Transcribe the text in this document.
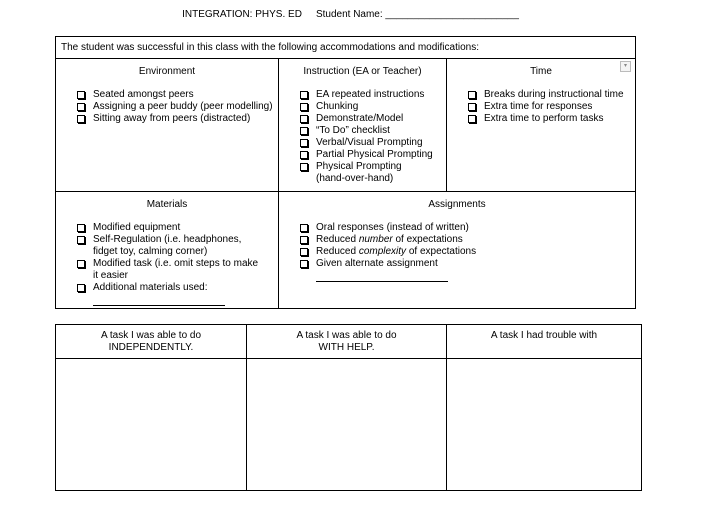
INTEGRATION: PHYS. ED Student Name: ________________________
The student was successful in this class with the following accommodations and modifications:
▾
Environment
Seated amongst peers
Assigning a peer buddy (peer modelling)
Sitting away from peers (distracted)
Instruction (EA or Teacher)
EA repeated instructions
Chunking
Demonstrate/Model
“To Do” checklist
Verbal/Visual Prompting
Partial Physical Prompting
Physical Prompting (hand-over-hand)
Time
Breaks during instructional time
Extra time for responses
Extra time to perform tasks
Materials
Modified equipment
Self-Regulation (i.e. headphones, fidget toy, calming corner)
Modified task (i.e. omit steps to make it easier
Additional materials used:

Assignments
Oral responses (instead of written)
Reduced number of expectations
Reduced complexity of expectations
Given alternate assignment

A task I was able to do
INDEPENDENTLY.
A task I was able to do
WITH HELP.
A task I had trouble with
